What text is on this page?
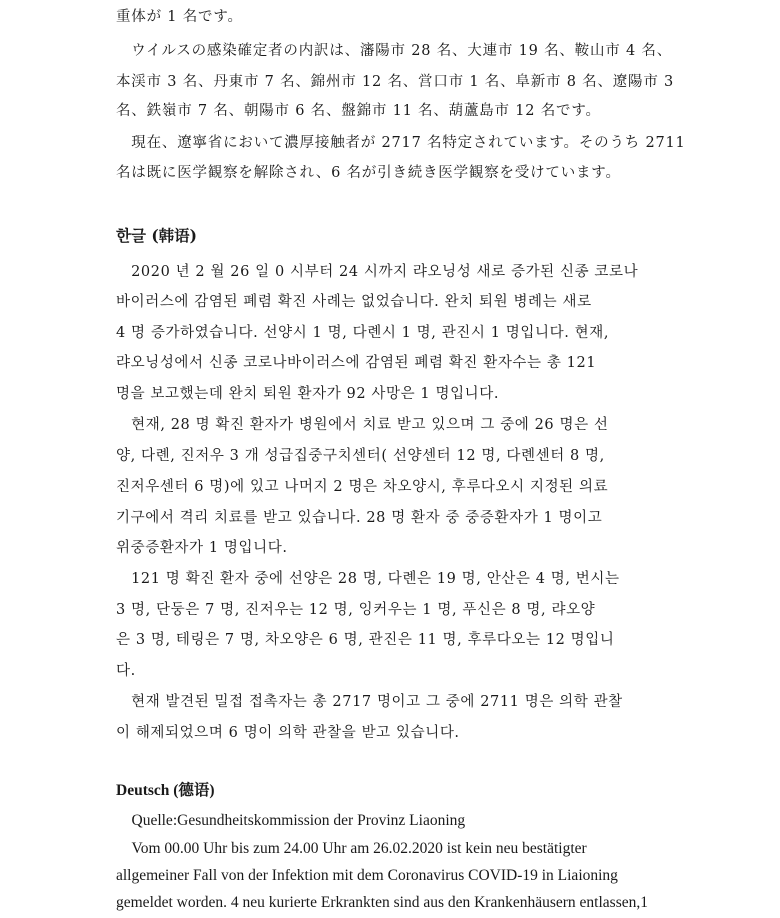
重体が 1 名です。
　ウイルスの感染確定者の内訳は、瀋陽市 28 名、大連市 19 名、鞍山市 4 名、
本渓市 3 名、丹東市 7 名、錦州市 12 名、営口市 1 名、阜新市 8 名、遼陽市 3
名、鉄嶺市 7 名、朝陽市 6 名、盤錦市 11 名、葫蘆島市 12 名です。
　現在、遼寧省において濃厚接触者が 2717 名特定されています。そのうち 2711
名は既に医学観察を解除され、6 名が引き続き医学観察を受けています。
한글 (韩语)
　2020 년 2 월 26 일 0 시부터 24 시까지 랴오닝성 새로 증가된 신종 코로나
바이러스에 감염된 폐렴 확진 사례는 없었습니다. 완치 퇴원 병례는 새로
4 명 증가하였습니다. 선양시 1 명, 다롄시 1 명, 관진시 1 명입니다. 현재,
랴오닝성에서 신종 코로나바이러스에 감염된 폐렴 확진 환자수는 총 121
명을 보고했는데 완치 퇴원 환자가 92 사망은 1 명입니다.
　현재, 28 명 확진 환자가 병원에서 치료 받고 있으며 그 중에 26 명은 선
양, 다롄, 진저우 3 개 성급집중구치센터( 선양센터 12 명, 다롄센터 8 명,
진저우센터 6 명)에 있고 나머지 2 명은 차오양시, 후루다오시 지정된 의료
기구에서 격리 치료를 받고 있습니다. 28 명 환자 중 중증환자가 1 명이고
위중증환자가 1 명입니다.
　121 명 확진 환자 중에 선양은 28 명, 다롄은 19 명, 안산은 4 명, 번시는
3 명, 단둥은 7 명, 진저우는 12 명, 잉커우는 1 명, 푸신은 8 명, 랴오양
은 3 명, 테링은 7 명, 차오양은 6 명, 관진은 11 명, 후루다오는 12 명입니
다.
　현재 발견된 밀접 접촉자는 총 2717 명이고 그 중에 2711 명은 의학 관찰
이 해제되었으며 6 명이 의학 관찰을 받고 있습니다.
Deutsch (德语)
　Quelle:Gesundheitskommission der Provinz Liaoning
　Vom 00.00 Uhr bis zum 24.00 Uhr am 26.02.2020 ist kein neu bestätigter
allgemeiner Fall von der Infektion mit dem Coronavirus COVID-19 in Liaioning
gemeldet worden. 4 neu kurierte Erkrankten sind aus den Krankenhäusern entlassen,1
